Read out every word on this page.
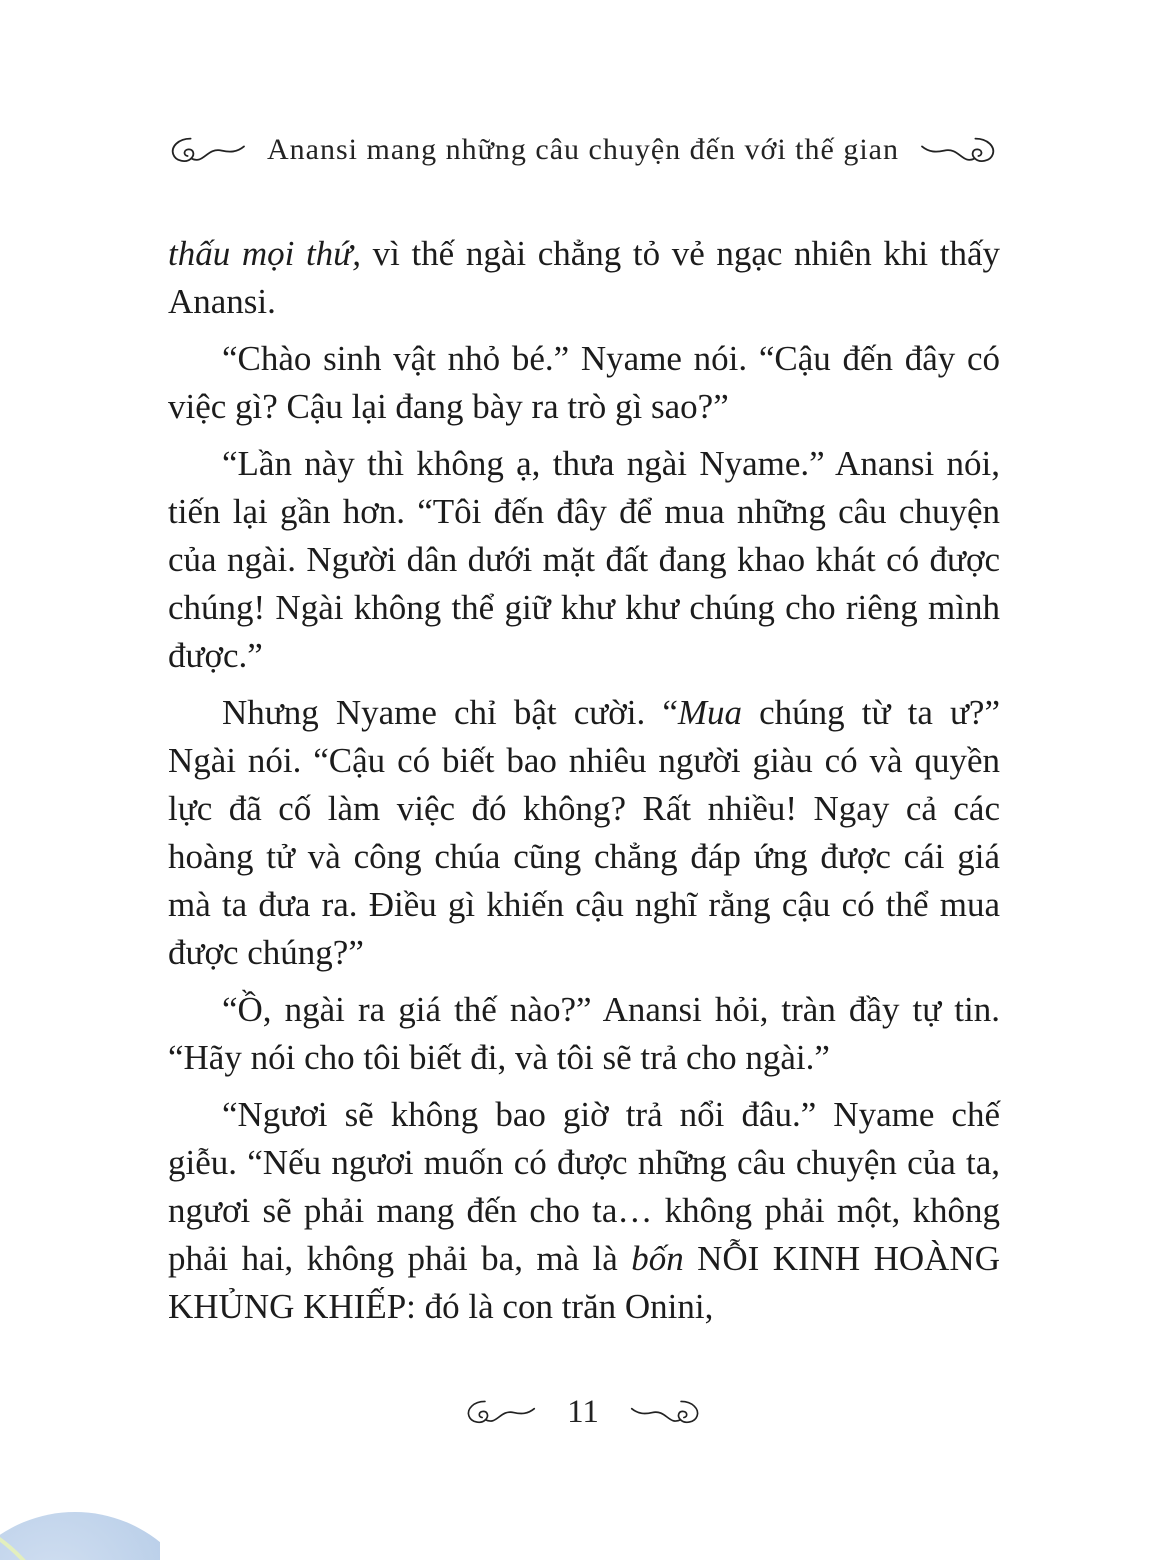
Anansi mang những câu chuyện đến với thế gian

thấu mọi thứ, vì thế ngài chẳng tỏ vẻ ngạc nhiên khi thấy Anansi.

“Chào sinh vật nhỏ bé.” Nyame nói. “Cậu đến đây có việc gì? Cậu lại đang bày ra trò gì sao?”

“Lần này thì không ạ, thưa ngài Nyame.” Anansi nói, tiến lại gần hơn. “Tôi đến đây để mua những câu chuyện của ngài. Người dân dưới mặt đất đang khao khát có được chúng! Ngài không thể giữ khư khư chúng cho riêng mình được.”

Nhưng Nyame chỉ bật cười. “Mua chúng từ ta ư?” Ngài nói. “Cậu có biết bao nhiêu người giàu có và quyền lực đã cố làm việc đó không? Rất nhiều! Ngay cả các hoàng tử và công chúa cũng chẳng đáp ứng được cái giá mà ta đưa ra. Điều gì khiến cậu nghĩ rằng cậu có thể mua được chúng?”

“Ồ, ngài ra giá thế nào?” Anansi hỏi, tràn đầy tự tin. “Hãy nói cho tôi biết đi, và tôi sẽ trả cho ngài.”

“Ngươi sẽ không bao giờ trả nổi đâu.” Nyame chế giễu. “Nếu ngươi muốn có được những câu chuyện của ta, ngươi sẽ phải mang đến cho ta… không phải một, không phải hai, không phải ba, mà là bốn NỖI KINH HOÀNG KHỦNG KHIẾP: đó là con trăn Onini,

11
